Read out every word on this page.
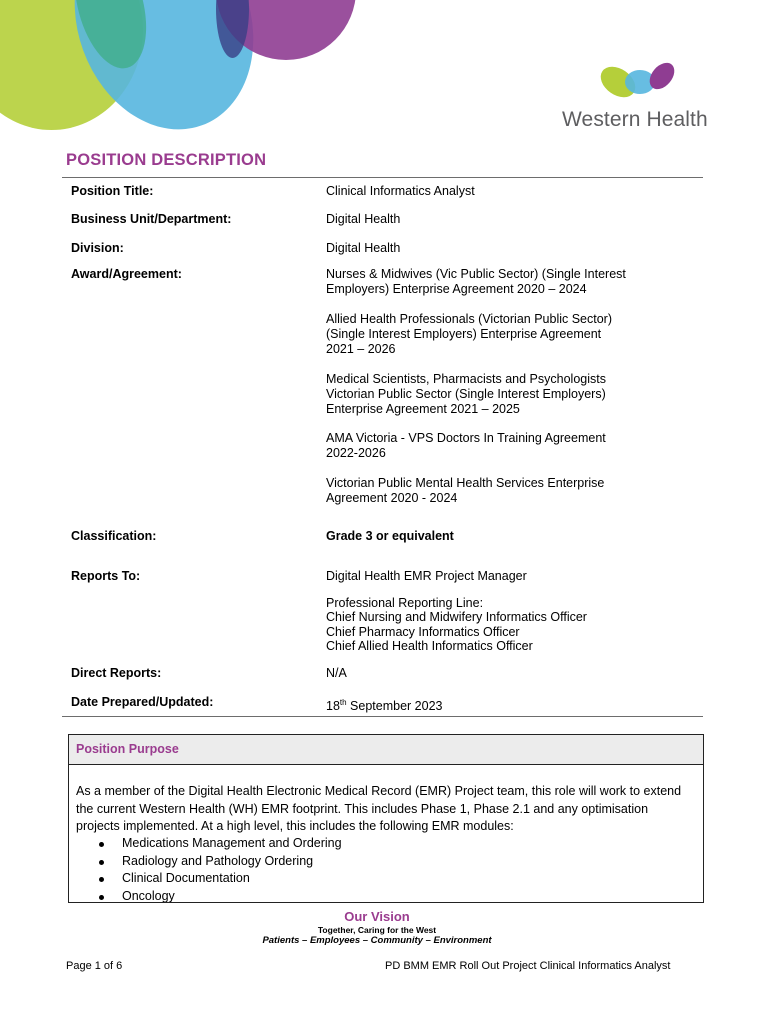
Western Health
POSITION DESCRIPTION
Position Title:	Clinical Informatics Analyst
Business Unit/Department:	Digital Health
Division:	Digital Health
Award/Agreement:	Nurses & Midwives (Vic Public Sector) (Single Interest
Employers) Enterprise Agreement 2020 – 2024
Allied Health Professionals (Victorian Public Sector)
(Single Interest Employers) Enterprise Agreement
2021 – 2026
Medical Scientists, Pharmacists and Psychologists
Victorian Public Sector (Single Interest Employers)
Enterprise Agreement 2021 – 2025
AMA Victoria - VPS Doctors In Training Agreement
2022-2026
Victorian Public Mental Health Services Enterprise
Agreement 2020 - 2024
Classification:	Grade 3 or equivalent
Reports To:	Digital Health EMR Project Manager
Professional Reporting Line:
Chief Nursing and Midwifery Informatics Officer
Chief Pharmacy Informatics Officer
Chief Allied Health Informatics Officer
Direct Reports:	N/A
Date Prepared/Updated:	18th September 2023
Position Purpose
As a member of the Digital Health Electronic Medical Record (EMR) Project team, this role will work to extend the current Western Health (WH) EMR footprint. This includes Phase 1, Phase 2.1 and any optimisation projects implemented. At a high level, this includes the following EMR modules:
Medications Management and Ordering
Radiology and Pathology Ordering
Clinical Documentation
Oncology
Our Vision
Together, Caring for the West
Patients – Employees – Community – Environment
Page 1 of 6	PD BMM EMR Roll Out Project Clinical Informatics Analyst
